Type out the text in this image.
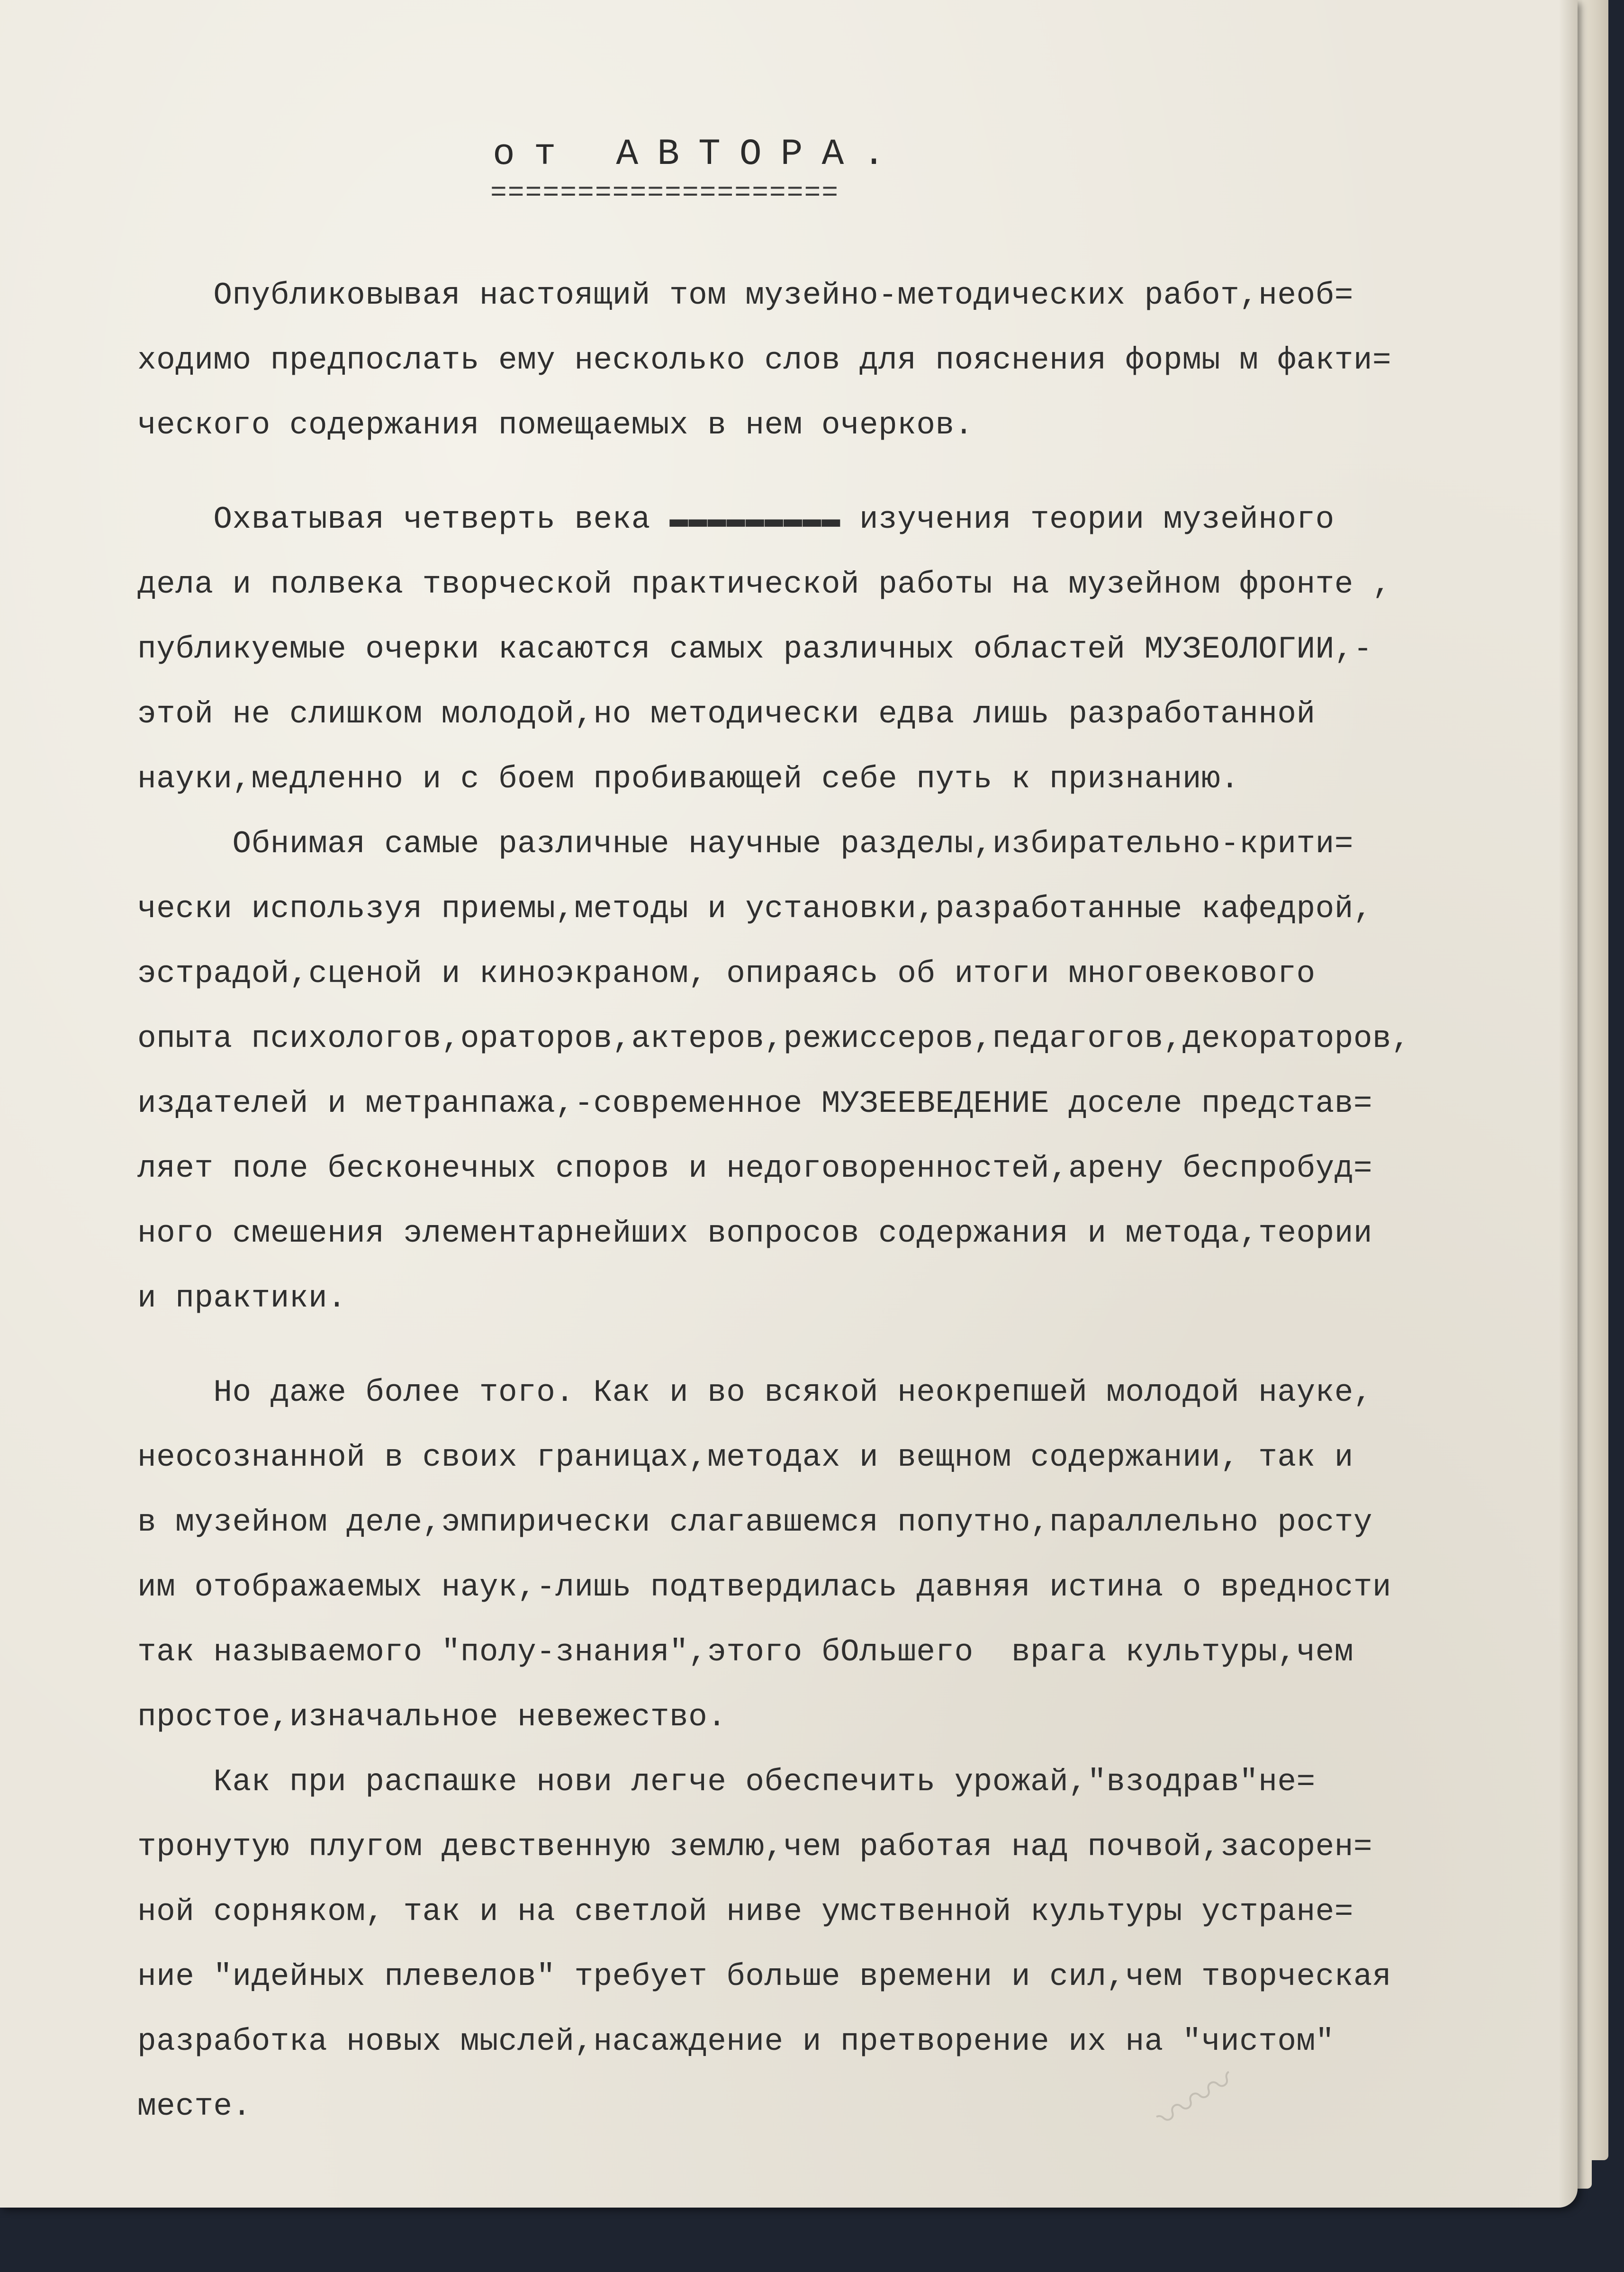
от АВТОРА.
====================
Опубликовывая настоящий том музейно-методических работ,необ=
ходимо предпослать ему несколько слов для пояснения формы м факти=
ческого содержания помещаемых в нем очерков.
Охватывая четверть века ▬▬▬▬▬▬▬▬▬ изучения теории музейного
дела и полвека творческой практической работы на музейном фронте ,
публикуемые очерки касаются самых различных областей МУЗЕОЛОГИИ,-
этой не слишком молодой,но методически едва лишь разработанной
науки,медленно и с боем пробивающей себе путь к признанию.
Обнимая самые различные научные разделы,избирательно-крити=
чески используя приемы,методы и установки,разработанные кафедрой,
эстрадой,сценой и киноэкраном, опираясь об итоги многовекового
опыта психологов,ораторов,актеров,режиссеров,педагогов,декораторов,
издателей и метранпажа,-современное МУЗЕЕВЕДЕНИЕ доселе представ=
ляет поле бесконечных споров и недоговоренностей,арену беспробуд=
ного смешения элементарнейших вопросов содержания и метода,теории
и практики.
Но даже более того. Как и во всякой неокрепшей молодой науке,
неосознанной в своих границах,методах и вещном содержании, так и
в музейном деле,эмпирически слагавшемся попутно,параллельно росту
им отображаемых наук,-лишь подтвердилась давняя истина о вредности
так называемого "полу-знания",этого бОльшего  врага культуры,чем
простое,изначальное невежество.
Как при распашке нови легче обеспечить урожай,"взодрав"не=
тронутую плугом девственную землю,чем работая над почвой,засорен=
ной сорняком, так и на светлой ниве умственной культуры устране=
ние "идейных плевелов" требует больше времени и сил,чем творческая
разработка новых мыслей,насаждение и претворение их на "чистом"
месте.	〰〰
